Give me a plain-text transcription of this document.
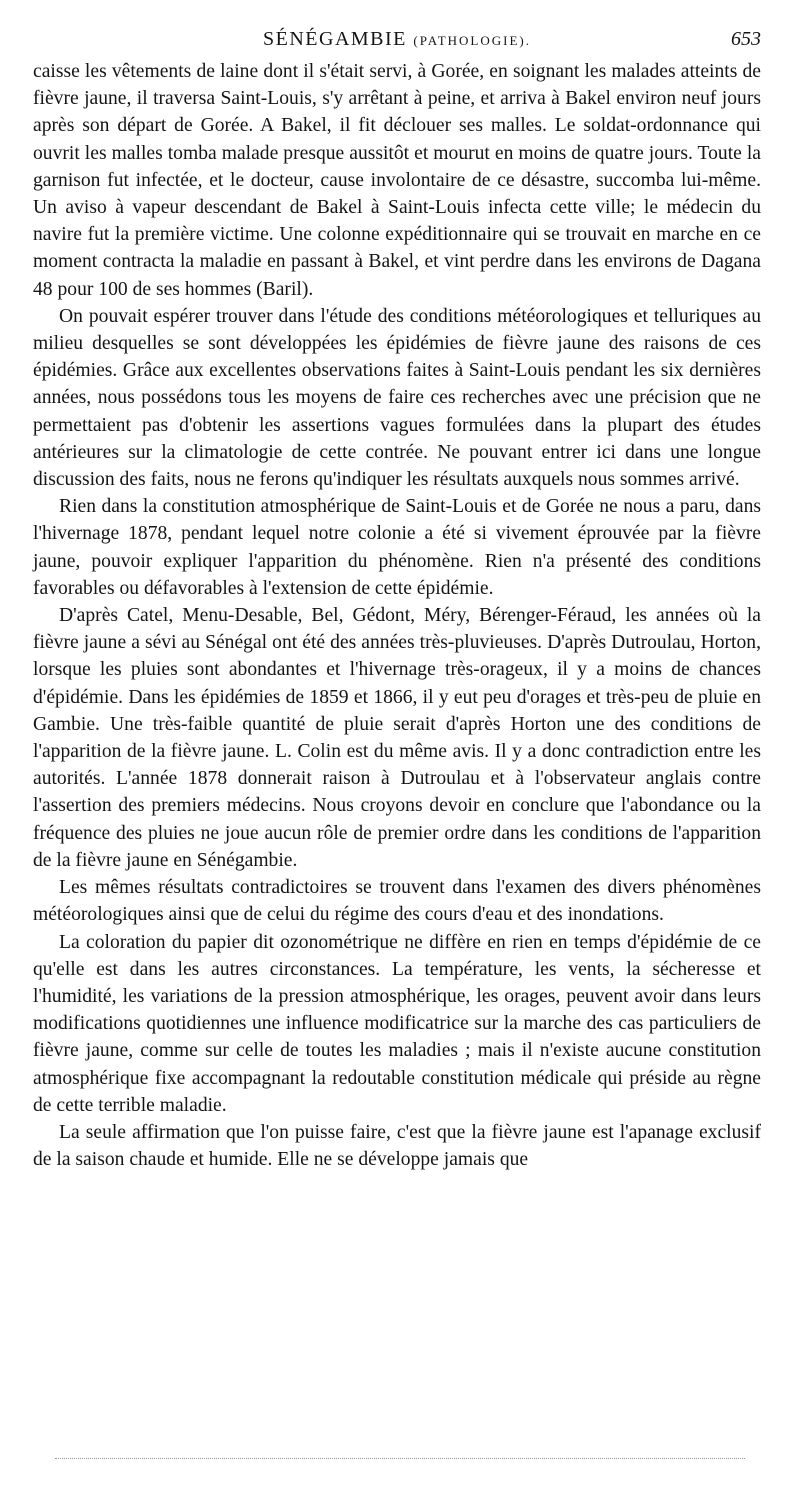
SÉNÉGAMBIE (PATHOLOGIE).	653

caisse les vêtements de laine dont il s'était servi, à Gorée, en soignant les malades atteints de fièvre jaune, il traversa Saint-Louis, s'y arrêtant à peine, et arriva à Bakel environ neuf jours après son départ de Gorée. A Bakel, il fit déclouer ses malles. Le soldat-ordonnance qui ouvrit les malles tomba malade presque aussitôt et mourut en moins de quatre jours. Toute la garnison fut infectée, et le docteur, cause involontaire de ce désastre, succomba lui-même. Un aviso à vapeur descendant de Bakel à Saint-Louis infecta cette ville; le médecin du navire fut la première victime. Une colonne expéditionnaire qui se trouvait en marche en ce moment contracta la maladie en passant à Bakel, et vint perdre dans les environs de Dagana 48 pour 100 de ses hommes (Baril).

On pouvait espérer trouver dans l'étude des conditions météorologiques et telluriques au milieu desquelles se sont développées les épidémies de fièvre jaune des raisons de ces épidémies. Grâce aux excellentes observations faites à Saint-Louis pendant les six dernières années, nous possédons tous les moyens de faire ces recherches avec une précision que ne permettaient pas d'obtenir les assertions vagues formulées dans la plupart des études antérieures sur la climatologie de cette contrée. Ne pouvant entrer ici dans une longue discussion des faits, nous ne ferons qu'indiquer les résultats auxquels nous sommes arrivé.

Rien dans la constitution atmosphérique de Saint-Louis et de Gorée ne nous a paru, dans l'hivernage 1878, pendant lequel notre colonie a été si vivement éprouvée par la fièvre jaune, pouvoir expliquer l'apparition du phénomène. Rien n'a présenté des conditions favorables ou défavorables à l'extension de cette épidémie.

D'après Catel, Menu-Desable, Bel, Gédont, Méry, Bérenger-Féraud, les années où la fièvre jaune a sévi au Sénégal ont été des années très-pluvieuses. D'après Dutroulau, Horton, lorsque les pluies sont abondantes et l'hivernage très-orageux, il y a moins de chances d'épidémie. Dans les épidémies de 1859 et 1866, il y eut peu d'orages et très-peu de pluie en Gambie. Une très-faible quantité de pluie serait d'après Horton une des conditions de l'apparition de la fièvre jaune. L. Colin est du même avis. Il y a donc contradiction entre les autorités. L'année 1878 donnerait raison à Dutroulau et à l'observateur anglais contre l'assertion des premiers médecins. Nous croyons devoir en conclure que l'abondance ou la fréquence des pluies ne joue aucun rôle de premier ordre dans les conditions de l'apparition de la fièvre jaune en Sénégambie.

Les mêmes résultats contradictoires se trouvent dans l'examen des divers phénomènes météorologiques ainsi que de celui du régime des cours d'eau et des inondations.

La coloration du papier dit ozonométrique ne diffère en rien en temps d'épidémie de ce qu'elle est dans les autres circonstances. La température, les vents, la sécheresse et l'humidité, les variations de la pression atmosphérique, les orages, peuvent avoir dans leurs modifications quotidiennes une influence modificatrice sur la marche des cas particuliers de fièvre jaune, comme sur celle de toutes les maladies ; mais il n'existe aucune constitution atmosphérique fixe accompagnant la redoutable constitution médicale qui préside au règne de cette terrible maladie.

La seule affirmation que l'on puisse faire, c'est que la fièvre jaune est l'apanage exclusif de la saison chaude et humide. Elle ne se développe jamais que
